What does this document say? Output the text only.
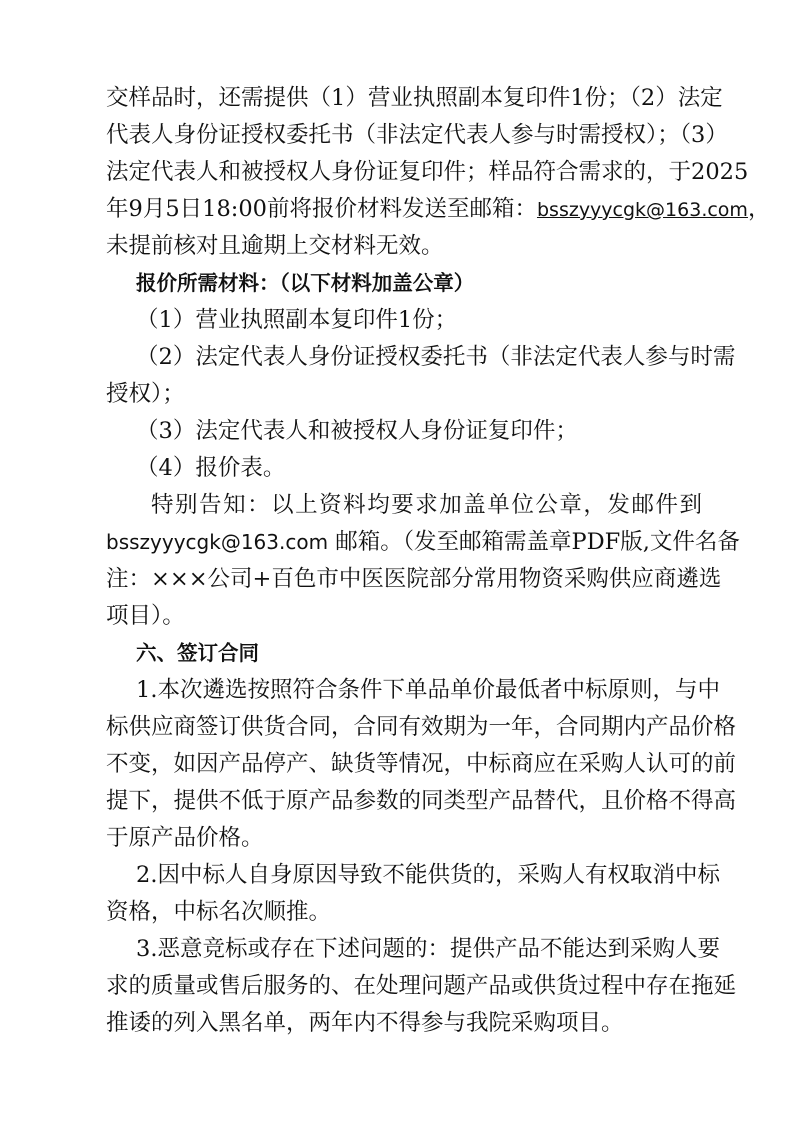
交样品时，还需提供（1）营业执照副本复印件1份；（2）法定
代表人身份证授权委托书（非法定代表人参与时需授权）；（3）
法定代表人和被授权人身份证复印件；样品符合需求的，于2025
年9月5日18:00前将报价材料发送至邮箱：bsszyyycgk@163.com，
未提前核对且逾期上交材料无效。
报价所需材料：（以下材料加盖公章）
（1）营业执照副本复印件1份；
（2）法定代表人身份证授权委托书（非法定代表人参与时需
授权）；
（3）法定代表人和被授权人身份证复印件；
（4）报价表。
特别告知：以上资料均要求加盖单位公章，发邮件到
bsszyyycgk@163.com 邮箱。（发至邮箱需盖章PDF版,文件名备
注：×××公司+百色市中医医院部分常用物资采购供应商遴选
项目）。
六、签订合同
1.本次遴选按照符合条件下单品单价最低者中标原则，与中
标供应商签订供货合同，合同有效期为一年，合同期内产品价格
不变，如因产品停产、缺货等情况，中标商应在采购人认可的前
提下，提供不低于原产品参数的同类型产品替代，且价格不得高
于原产品价格。
2.因中标人自身原因导致不能供货的，采购人有权取消中标
资格，中标名次顺推。
3.恶意竞标或存在下述问题的：提供产品不能达到采购人要
求的质量或售后服务的、在处理问题产品或供货过程中存在拖延
推诿的列入黑名单，两年内不得参与我院采购项目。
